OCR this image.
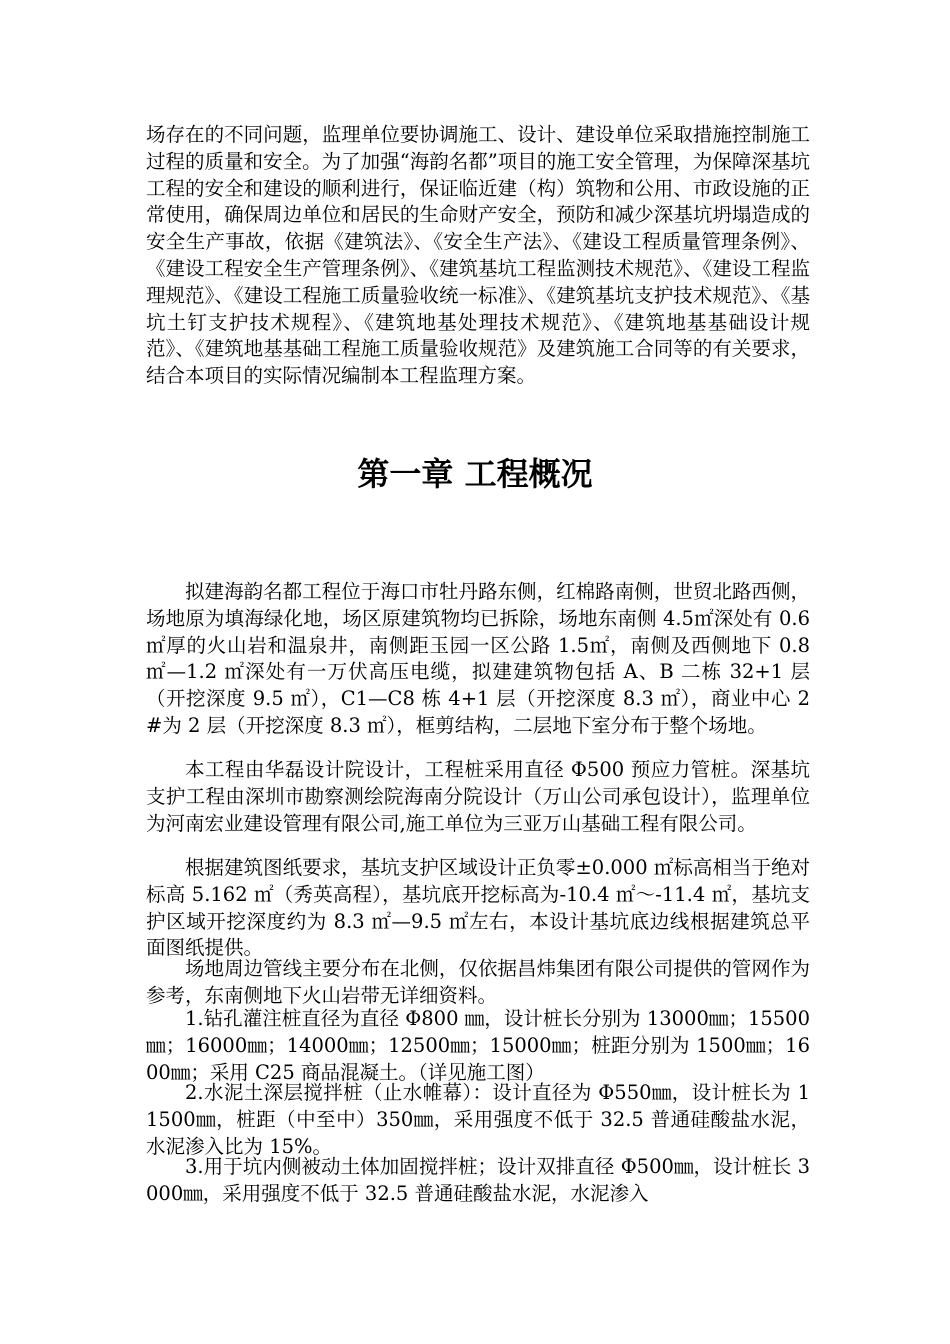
场存在的不同问题，监理单位要协调施工、设计、建设单位采取措施控制施工过程的质量和安全。为了加强“海韵名都”项目的施工安全管理，为保障深基坑工程的安全和建设的顺利进行，保证临近建（构）筑物和公用、市政设施的正常使用，确保周边单位和居民的生命财产安全，预防和减少深基坑坍塌造成的安全生产事故，依据《建筑法》、《安全生产法》、《建设工程质量管理条例》、《建设工程安全生产管理条例》、《建筑基坑工程监测技术规范》、《建设工程监理规范》、《建设工程施工质量验收统一标准》、《建筑基坑支护技术规范》、《基坑土钉支护技术规程》、《建筑地基处理技术规范》、《建筑地基基础设计规范》、《建筑地基基础工程施工质量验收规范》及建筑施工合同等的有关要求，结合本项目的实际情况编制本工程监理方案。

第一章 工程概况

拟建海韵名都工程位于海口市牡丹路东侧，红棉路南侧，世贸北路西侧，场地原为填海绿化地，场区原建筑物均已拆除，场地东南侧 4.5㎡深处有 0.6㎡厚的火山岩和温泉井，南侧距玉园一区公路 1.5㎡，南侧及西侧地下 0.8 ㎡—1.2 ㎡深处有一万伏高压电缆，拟建建筑物包括 A、B 二栋 32+1 层（开挖深度 9.5 ㎡），C1—C8 栋 4+1 层（开挖深度 8.3 ㎡），商业中心 2#为 2 层（开挖深度 8.3 ㎡），框剪结构，二层地下室分布于整个场地。

本工程由华磊设计院设计，工程桩采用直径 Φ500 预应力管桩。深基坑支护工程由深圳市勘察测绘院海南分院设计（万山公司承包设计），监理单位为河南宏业建设管理有限公司,施工单位为三亚万山基础工程有限公司。

根据建筑图纸要求，基坑支护区域设计正负零±0.000 ㎡标高相当于绝对标高 5.162 ㎡（秀英高程），基坑底开挖标高为-10.4 ㎡～-11.4 ㎡，基坑支护区域开挖深度约为 8.3 ㎡—9.5 ㎡左右，本设计基坑底边线根据建筑总平面图纸提供。

场地周边管线主要分布在北侧，仅依据昌炜集团有限公司提供的管网作为参考，东南侧地下火山岩带无详细资料。

1.钻孔灌注桩直径为直径 Φ800 ㎜，设计桩长分别为 13000㎜；15500㎜；16000㎜；14000㎜；12500㎜；15000㎜；桩距分别为 1500㎜；1600㎜；采用 C25 商品混凝土。（详见施工图）

2.水泥土深层搅拌桩（止水帷幕）：设计直径为 Φ550㎜，设计桩长为 11500㎜，桩距（中至中）350㎜，采用强度不低于 32.5 普通硅酸盐水泥，水泥渗入比为 15%。

3.用于坑内侧被动土体加固搅拌桩；设计双排直径 Φ500㎜，设计桩长 3000㎜，采用强度不低于 32.5 普通硅酸盐水泥，水泥渗入
